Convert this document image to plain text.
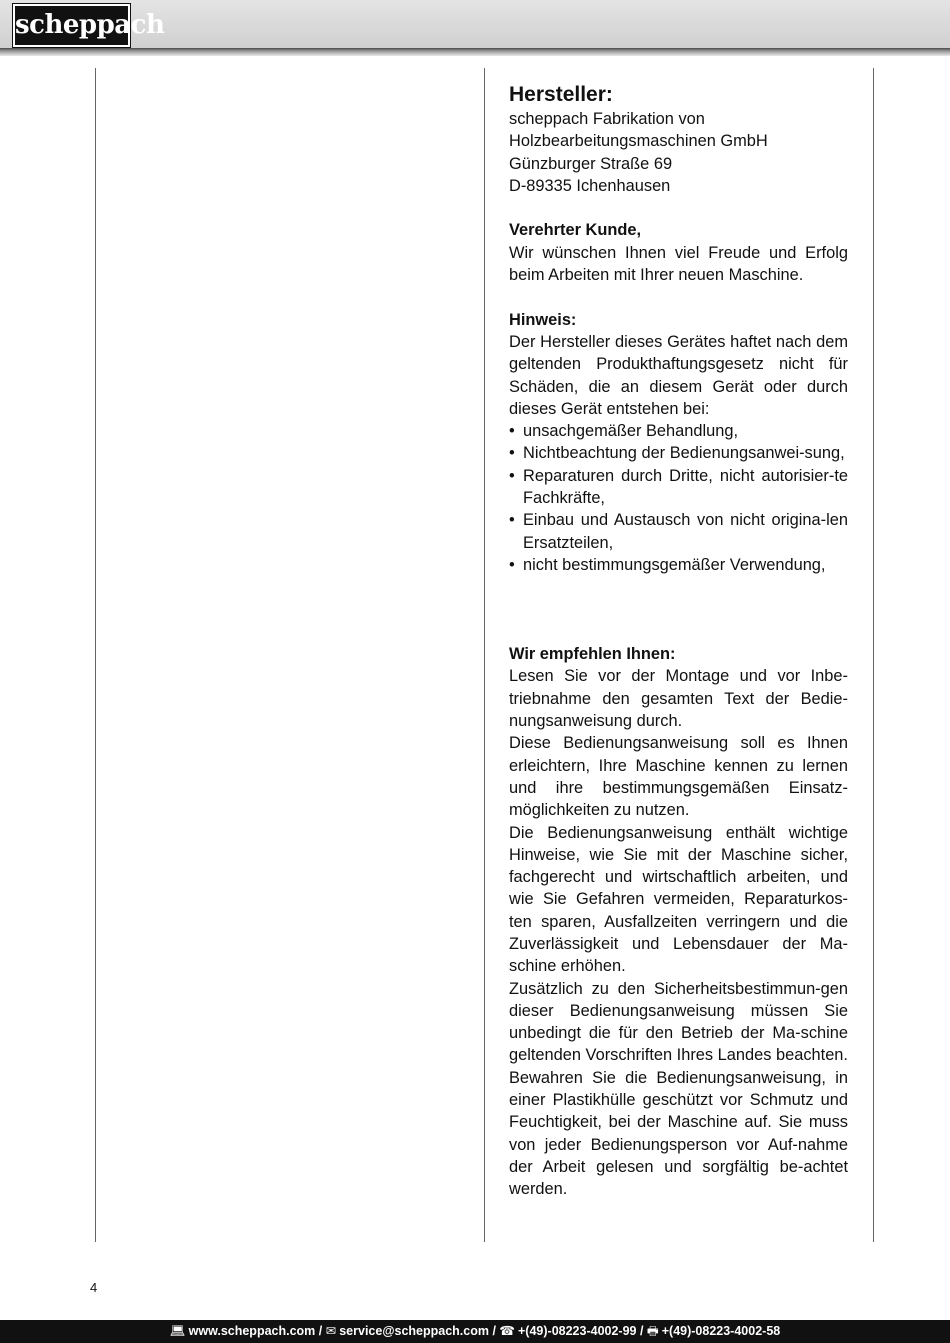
scheppach
Hersteller:

scheppach Fabrikation von

Holzbearbeitungsmaschinen GmbH

Günzburger Straße 69

D-89335 Ichenhausen

Verehrter Kunde,

Wir wünschen Ihnen viel Freude und Erfolg beim Arbeiten mit Ihrer neuen Maschine.

Hinweis:

Der Hersteller dieses Gerätes haftet nach dem geltenden Produkthaftungsgesetz nicht für Schäden, die an diesem Gerät oder durch dieses Gerät entstehen bei:

• unsachgemäßer Behandlung,
• Nichtbeachtung der Bedienungsanwei-sung,
• Reparaturen durch Dritte, nicht autorisier-te Fachkräfte,
• Einbau und Austausch von nicht origina-len Ersatzteilen,
• nicht bestimmungsgemäßer Verwendung,
Wir empfehlen Ihnen:

Lesen Sie vor der Montage und vor Inbe-triebnahme den gesamten Text der Bedie-nungsanweisung durch.

Diese Bedienungsanweisung soll es Ihnen erleichtern, Ihre Maschine kennen zu lernen und ihre bestimmungsgemäßen Einsatz-möglichkeiten zu nutzen.

Die Bedienungsanweisung enthält wichtige Hinweise, wie Sie mit der Maschine sicher, fachgerecht und wirtschaftlich arbeiten, und wie Sie Gefahren vermeiden, Reparaturkos-ten sparen, Ausfallzeiten verringern und die Zuverlässigkeit und Lebensdauer der Ma-schine erhöhen.

Zusätzlich zu den Sicherheitsbestimmun-gen dieser Bedienungsanweisung müssen Sie unbedingt die für den Betrieb der Ma-schine geltenden Vorschriften Ihres Landes beachten.

Bewahren Sie die Bedienungsanweisung, in einer Plastikhülle geschützt vor Schmutz und Feuchtigkeit, bei der Maschine auf. Sie muss von jeder Bedienungsperson vor Auf-nahme der Arbeit gelesen und sorgfältig be-achtet werden.

4
💻︎ www.scheppach.com / ✉︎ service@scheppach.com / ☎︎ +(49)-08223-4002-99 / 🖶︎ +(49)-08223-4002-58
